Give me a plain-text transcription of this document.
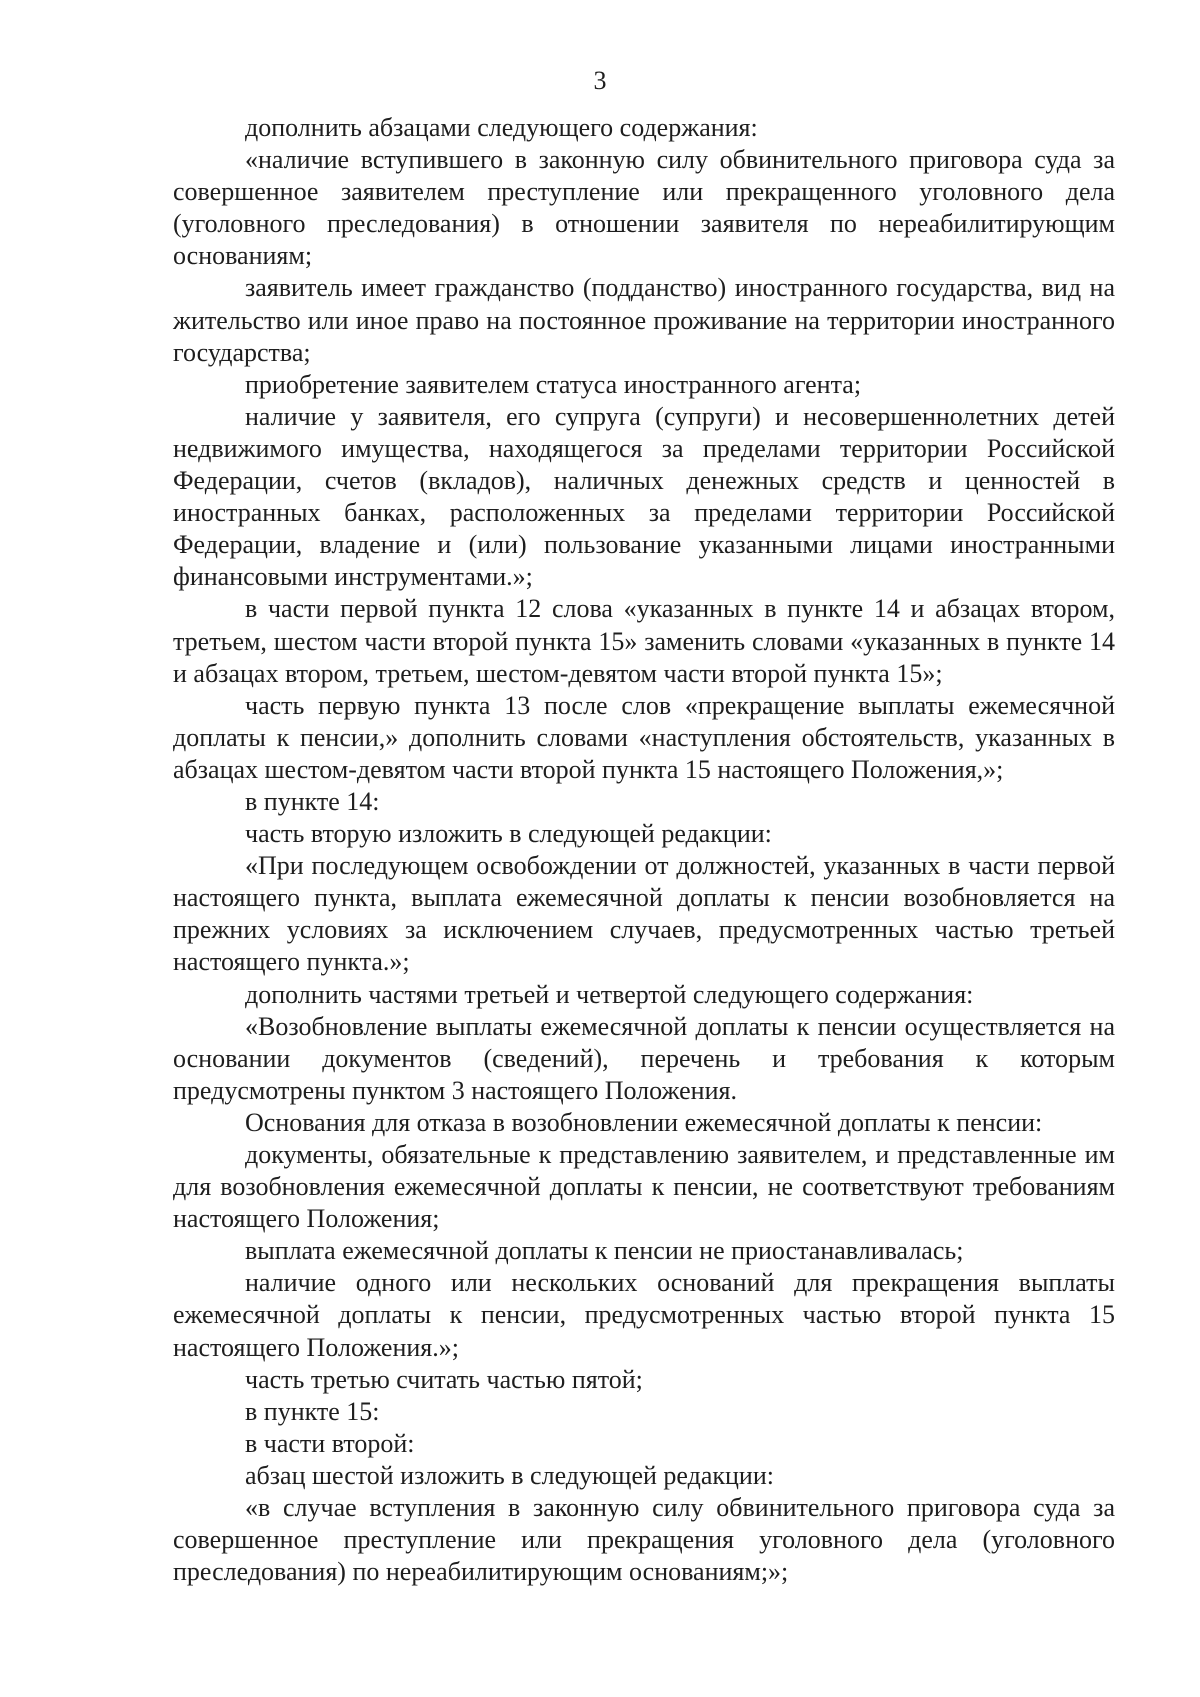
3

дополнить абзацами следующего содержания:

«наличие вступившего в законную силу обвинительного приговора суда за совершенное заявителем преступление или прекращенного уголовного дела (уголовного преследования) в отношении заявителя по нереабилитирующим основаниям;

заявитель имеет гражданство (подданство) иностранного государства, вид на жительство или иное право на постоянное проживание на территории иностранного государства;

приобретение заявителем статуса иностранного агента;

наличие у заявителя, его супруга (супруги) и несовершеннолетних детей недвижимого имущества, находящегося за пределами территории Российской Федерации, счетов (вкладов), наличных денежных средств и ценностей в иностранных банках, расположенных за пределами территории Российской Федерации, владение и (или) пользование указанными лицами иностранными финансовыми инструментами.»;

в части первой пункта 12 слова «указанных в пункте 14 и абзацах втором, третьем, шестом части второй пункта 15» заменить словами «указанных в пункте 14 и абзацах втором, третьем, шестом-девятом части второй пункта 15»;

часть первую пункта 13 после слов «прекращение выплаты ежемесячной доплаты к пенсии,» дополнить словами «наступления обстоятельств, указанных в абзацах шестом-девятом части второй пункта 15 настоящего Положения,»;

в пункте 14:

часть вторую изложить в следующей редакции:

«При последующем освобождении от должностей, указанных в части первой настоящего пункта, выплата ежемесячной доплаты к пенсии возобновляется на прежних условиях за исключением случаев, предусмотренных частью третьей настоящего пункта.»;

дополнить частями третьей и четвертой следующего содержания:

«Возобновление выплаты ежемесячной доплаты к пенсии осуществляется на основании документов (сведений), перечень и требования к которым предусмотрены пунктом 3 настоящего Положения.

Основания для отказа в возобновлении ежемесячной доплаты к пенсии:

документы, обязательные к представлению заявителем, и представленные им для возобновления ежемесячной доплаты к пенсии, не соответствуют требованиям настоящего Положения;

выплата ежемесячной доплаты к пенсии не приостанавливалась;

наличие одного или нескольких оснований для прекращения выплаты ежемесячной доплаты к пенсии, предусмотренных частью второй пункта 15 настоящего Положения.»;

часть третью считать частью пятой;

в пункте 15:

в части второй:

абзац шестой изложить в следующей редакции:

«в случае вступления в законную силу обвинительного приговора суда за совершенное преступление или прекращения уголовного дела (уголовного преследования) по нереабилитирующим основаниям;»;
